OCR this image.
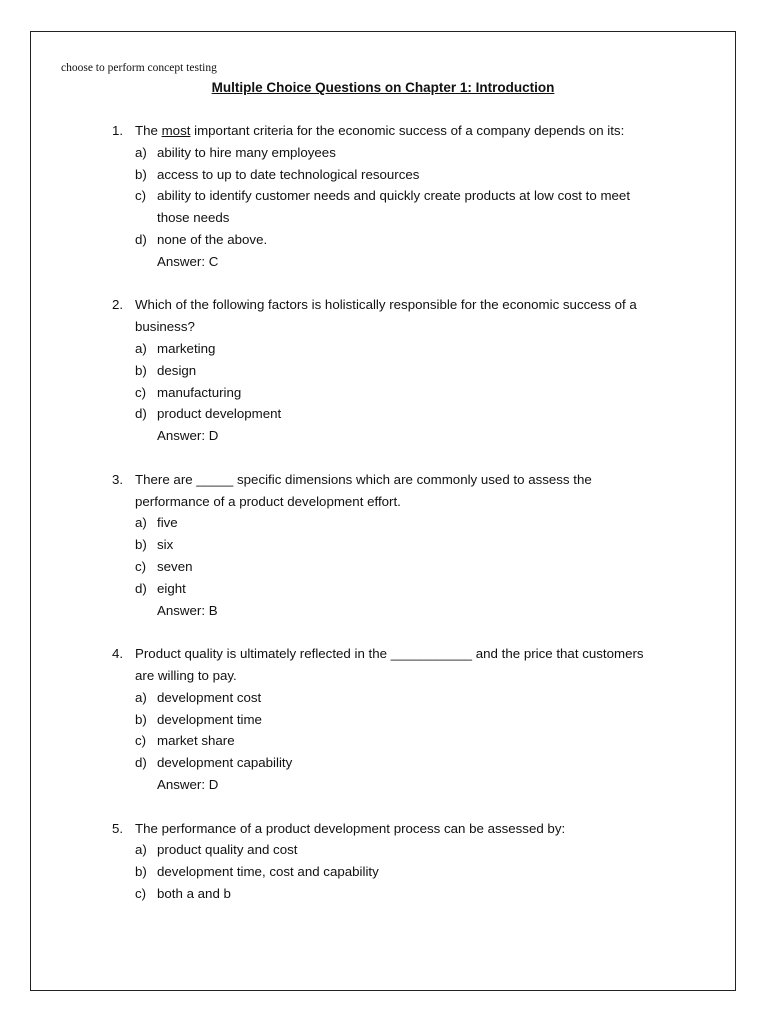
choose to perform concept testing
Multiple Choice Questions on Chapter 1: Introduction
1. The most important criteria for the economic success of a company depends on its:
a) ability to hire many employees
b) access to up to date technological resources
c) ability to identify customer needs and quickly create products at low cost to meet those needs
d) none of the above.
Answer: C
2. Which of the following factors is holistically responsible for the economic success of a business?
a) marketing
b) design
c) manufacturing
d) product development
Answer: D
3. There are _____ specific dimensions which are commonly used to assess the performance of a product development effort.
a) five
b) six
c) seven
d) eight
Answer: B
4. Product quality is ultimately reflected in the ___________ and the price that customers are willing to pay.
a) development cost
b) development time
c) market share
d) development capability
Answer: D
5. The performance of a product development process can be assessed by:
a) product quality and cost
b) development time, cost and capability
c) both a and b
